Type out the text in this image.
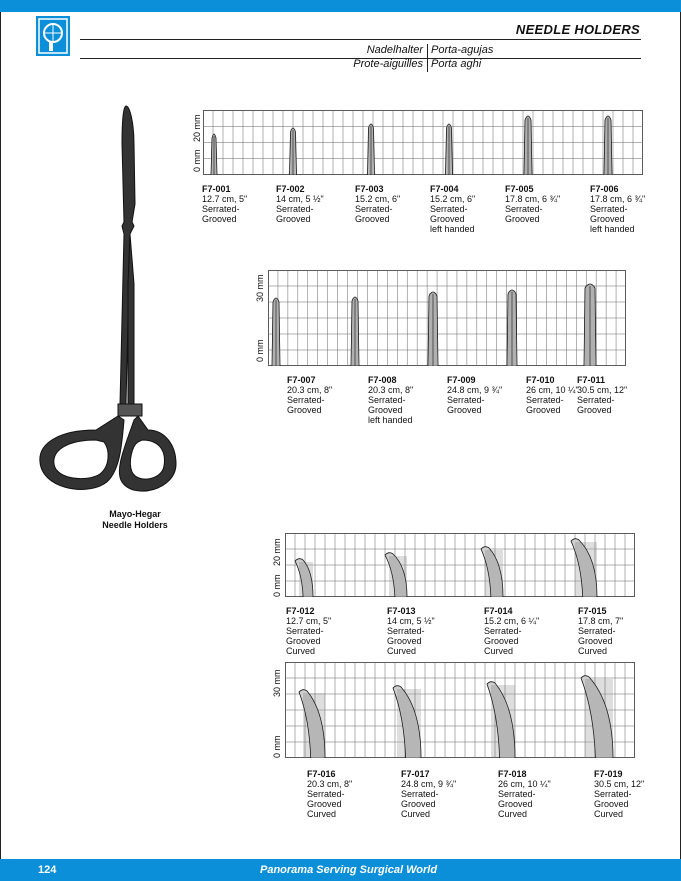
NEEDLE HOLDERS
Nadelhalter Porta-agujas
Prote-aiguilles Porta aghi
Mayo-Hegar
Needle Holders
20 mm
0 mm
30 mm
0 mm
20 mm
0 mm
30 mm
0 mm
F7-001
12.7 cm, 5"
Serrated-
Grooved

F7-002
14 cm, 5 ½"
Serrated-
Grooved

F7-003
15.2 cm, 6"
Serrated-
Grooved

F7-004
15.2 cm, 6"
Serrated-
Grooved
left handed
F7-005
17.8 cm, 6 ¾"
Serrated-
Grooved

F7-006
17.8 cm, 6 ¾"
Serrated-
Grooved
left handed
F7-007
20.3 cm, 8"
Serrated-
Grooved

F7-008
20.3 cm, 8"
Serrated-
Grooved
left handed
F7-009
24.8 cm, 9 ¾"
Serrated-
Grooved

F7-010
26 cm, 10 ¼"
Serrated-
Grooved

F7-011
30.5 cm, 12"
Serrated-
Grooved

F7-012
12.7 cm, 5"
Serrated-
Grooved
Curved
F7-013
14 cm, 5 ½"
Serrated-
Grooved
Curved
F7-014
15.2 cm, 6 ¼"
Serrated-
Grooved
Curved
F7-015
17.8 cm, 7"
Serrated-
Grooved
Curved
F7-016
20.3 cm, 8"
Serrated-
Grooved
Curved
F7-017
24.8 cm, 9 ¾"
Serrated-
Grooved
Curved
F7-018
26 cm, 10 ¼"
Serrated-
Grooved
Curved
F7-019
30.5 cm, 12"
Serrated-
Grooved
Curved
124	Panorama Serving Surgical World
